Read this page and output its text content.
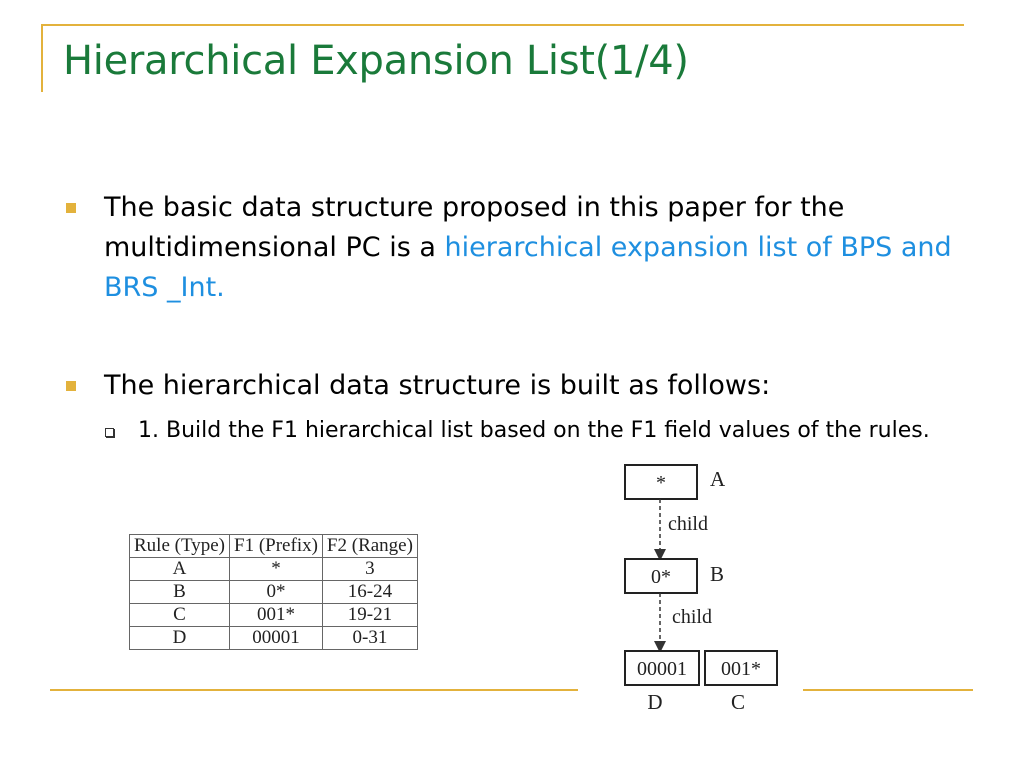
Hierarchical Expansion List(1/4)
The basic data structure proposed in this paper for the multidimensional PC is a hierarchical expansion list of BPS and BRS _Int.
The hierarchical data structure is built as follows:
1. Build the F1 hierarchical list based on the F1 field values of the rules.
Rule (Type)	F1 (Prefix)	F2 (Range)
A	*	3
B	0*	16-24
C	001*	19-21
D	00001	0-31
* A
child
0* B
child
00001
D
001*
C
